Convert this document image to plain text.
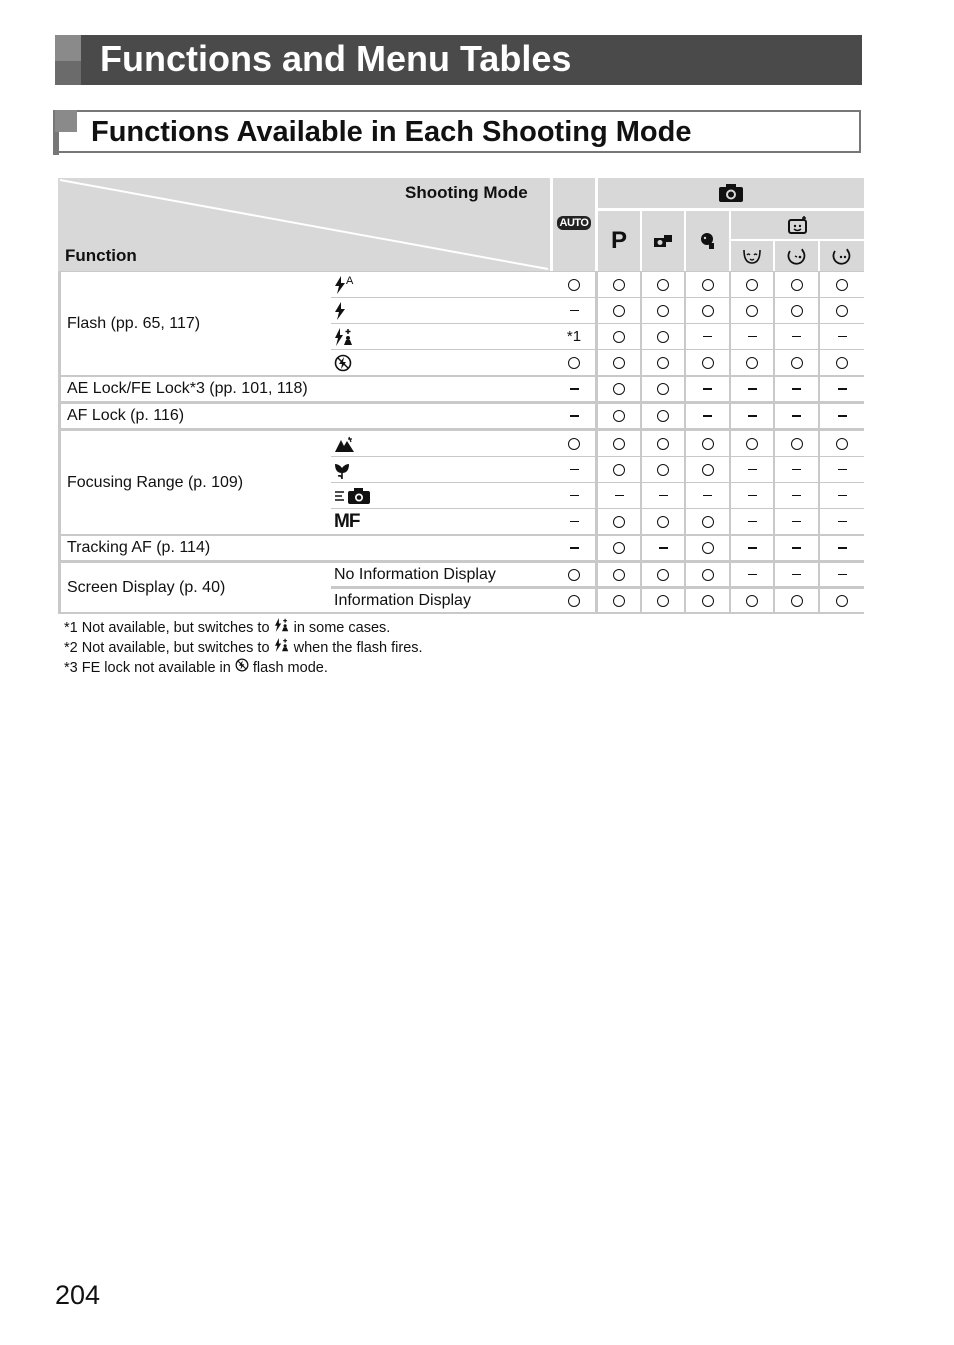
Functions and Menu Tables
Functions Available in Each Shooting Mode
Shooting Mode
Function
AUTO
P
Flash (pp. 65, 117)
A
AE Lock/FE Lock*3 (pp. 101, 118)
AF Lock (p. 116)
Focusing Range (p. 109)
MF
Tracking AF (p. 114)
Screen Display (p. 40)
No Information Display
Information Display
*1
*1 Not available, but switches to  in some cases.
*2 Not available, but switches to  when the flash fires.
*3 FE lock not available in  flash mode.
204
